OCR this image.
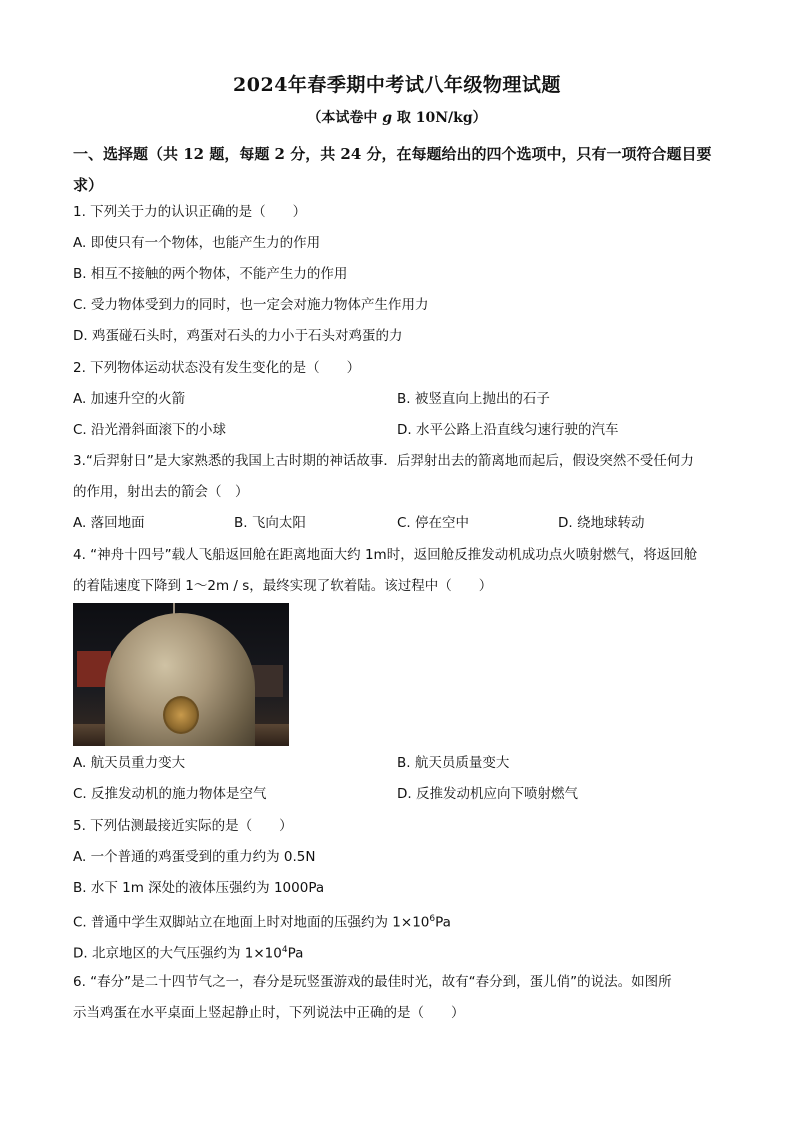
2024年春季期中考试八年级物理试题
（本试卷中 g 取 10N/kg）
一、选择题（共 12 题，每题 2 分，共 24 分，在每题给出的四个选项中，只有一项符合题目要求）
1. 下列关于力的认识正确的是（　　）
A. 即使只有一个物体，也能产生力的作用
B. 相互不接触的两个物体，不能产生力的作用
C. 受力物体受到力的同时，也一定会对施力物体产生作用力
D. 鸡蛋碰石头时，鸡蛋对石头的力小于石头对鸡蛋的力
2. 下列物体运动状态没有发生变化的是（　　）
A. 加速升空的火箭	B. 被竖直向上抛出的石子
C. 沿光滑斜面滚下的小球	D. 水平公路上沿直线匀速行驶的汽车
3.“后羿射日”是大家熟悉的我国上古时期的神话故事．后羿射出去的箭离地而起后，假设突然不受任何力
的作用，射出去的箭会（　）
A. 落回地面	B. 飞向太阳	C. 停在空中	D. 绕地球转动
4. “神舟十四号”载人飞船返回舱在距离地面大约 1m时，返回舱反推发动机成功点火喷射燃气，将返回舱
的着陆速度下降到 1～2m / s，最终实现了软着陆。该过程中（　　）
A. 航天员重力变大	B. 航天员质量变大
C. 反推发动机的施力物体是空气	D. 反推发动机应向下喷射燃气
5. 下列估测最接近实际的是（　　）
A. 一个普通的鸡蛋受到的重力约为 0.5N
B. 水下 1m 深处的液体压强约为 1000Pa
C. 普通中学生双脚站立在地面上时对地面的压强约为 $1\times 10^6Pa$
D. 北京地区的大气压强约为 $1\times 10^4Pa$
6. “春分”是二十四节气之一，春分是玩竖蛋游戏的最佳时光，故有“春分到，蛋儿俏”的说法。如图所
示当鸡蛋在水平桌面上竖起静止时，下列说法中正确的是（　　）
